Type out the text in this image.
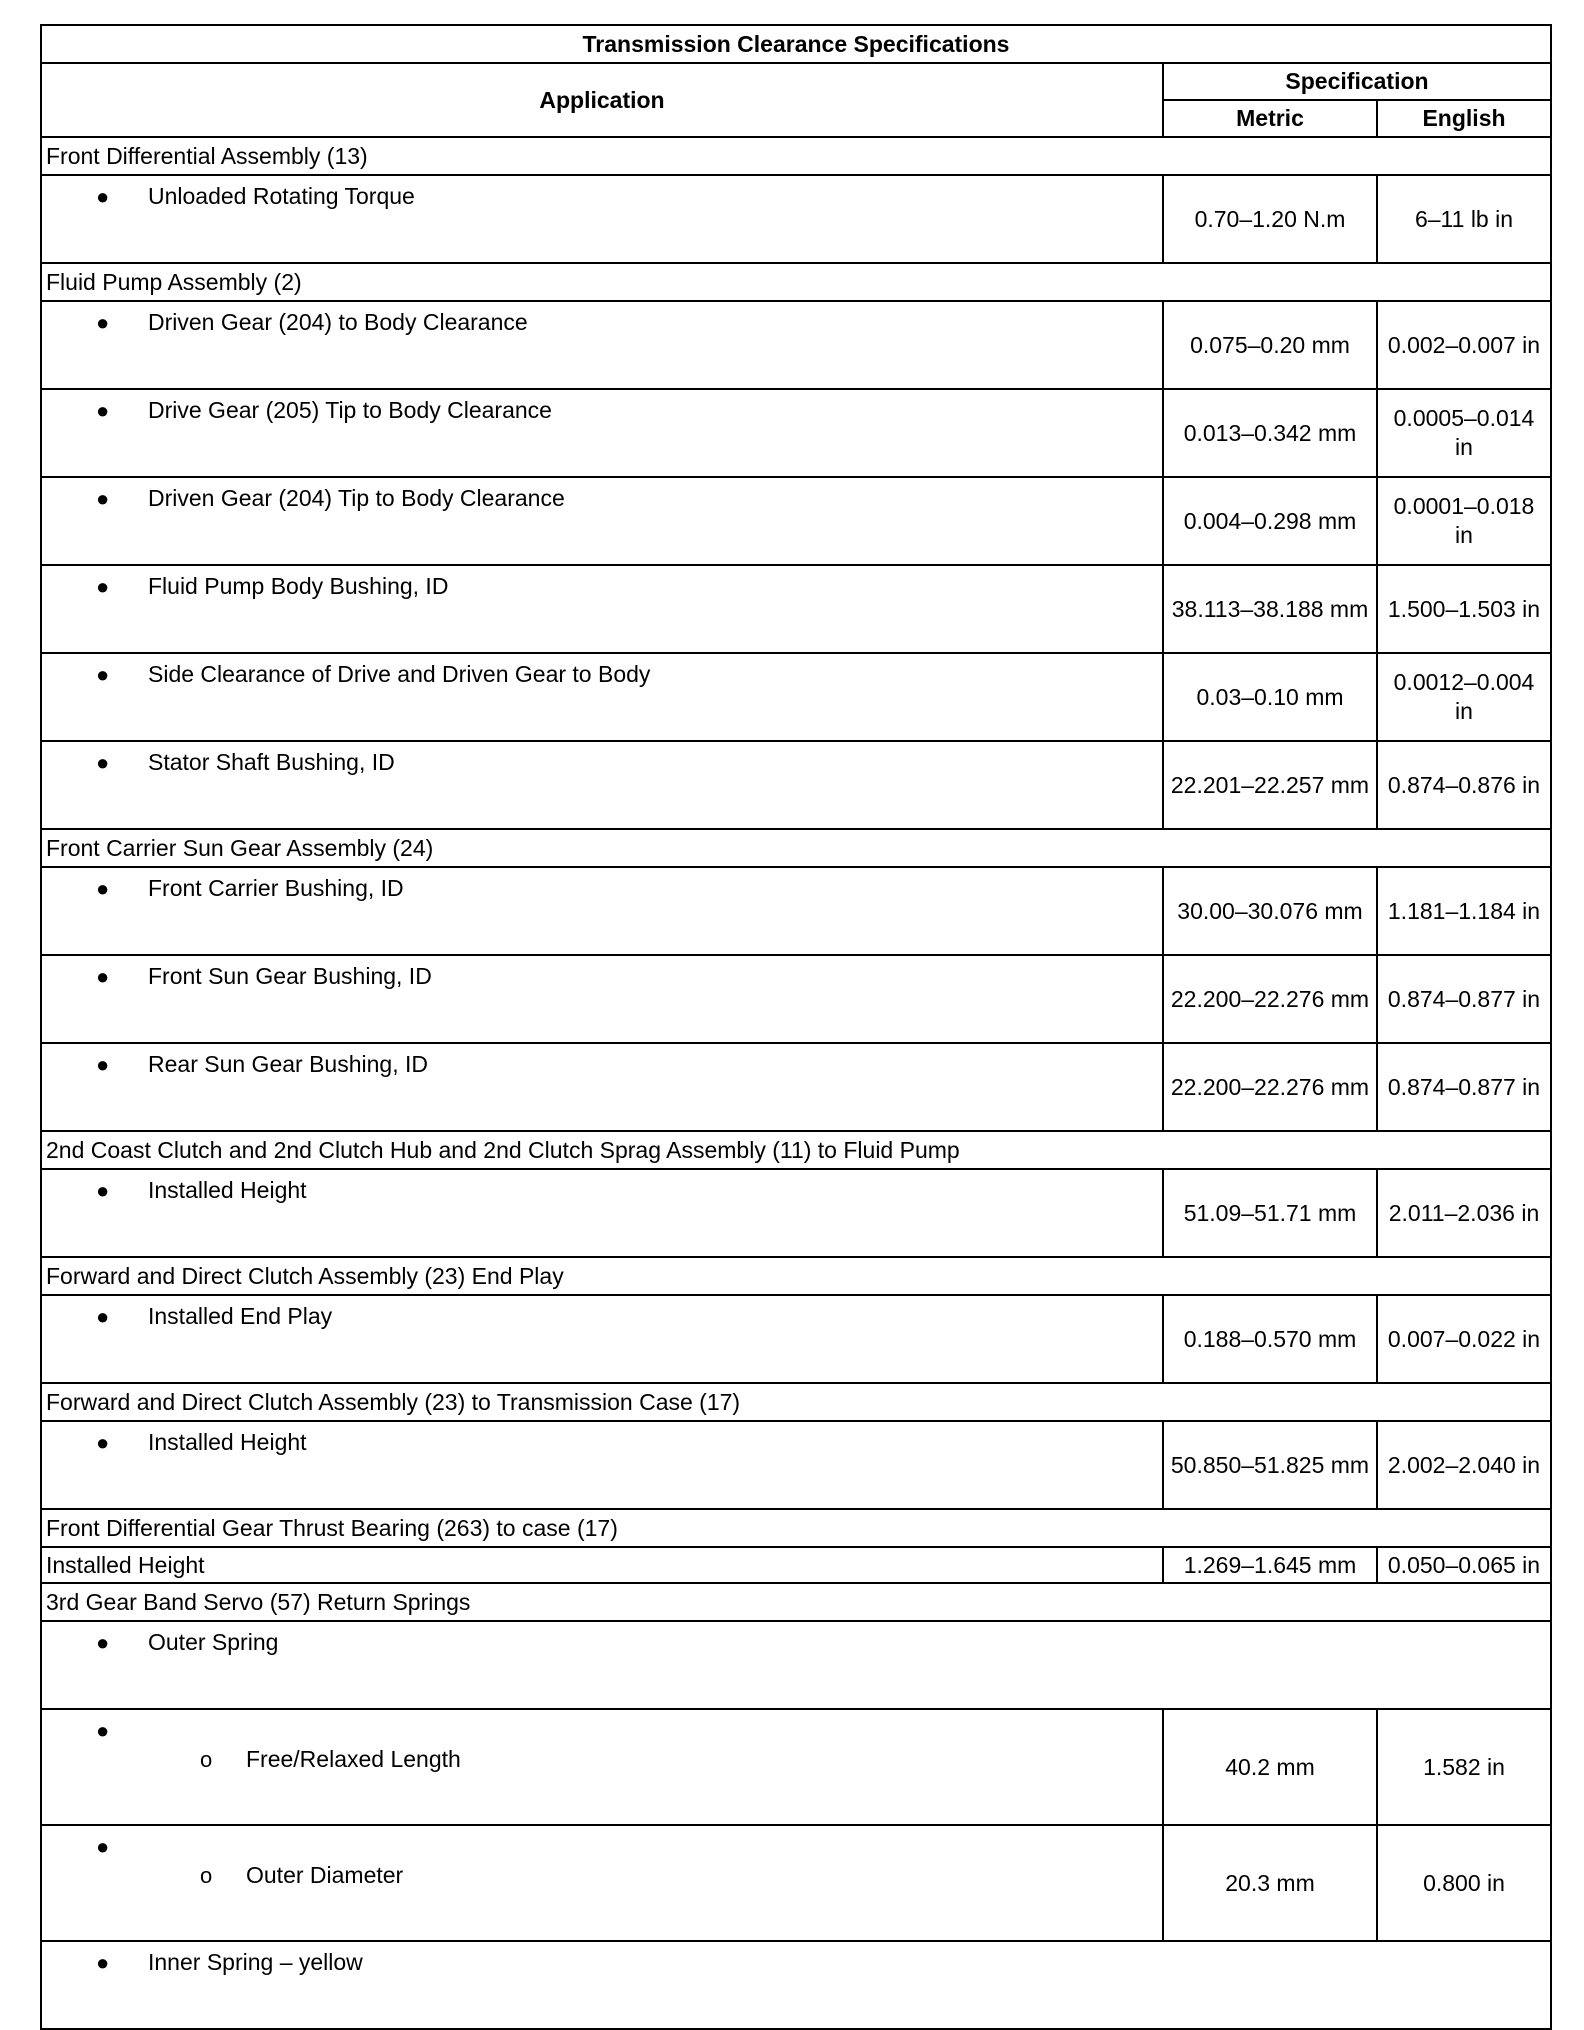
Transmission Clearance Specifications		
Application	Specification	
	Metric	English
Front Differential Assembly (13)		

● Unloaded Rotating Torque	0.70–1.20 N.m	6–11 lb in
Fluid Pump Assembly (2)		

● Driven Gear (204) to Body Clearance	0.075–0.20 mm	0.002–0.007 in

● Drive Gear (205) Tip to Body Clearance	0.013–0.342 mm	0.0005–0.014 in

● Driven Gear (204) Tip to Body Clearance	0.004–0.298 mm	0.0001–0.018 in

● Fluid Pump Body Bushing, ID	38.113–38.188 mm	1.500–1.503 in

● Side Clearance of Drive and Driven Gear to Body	0.03–0.10 mm	0.0012–0.004 in

● Stator Shaft Bushing, ID	22.201–22.257 mm	0.874–0.876 in
Front Carrier Sun Gear Assembly (24)		

● Front Carrier Bushing, ID	30.00–30.076 mm	1.181–1.184 in

● Front Sun Gear Bushing, ID	22.200–22.276 mm	0.874–0.877 in

● Rear Sun Gear Bushing, ID	22.200–22.276 mm	0.874–0.877 in
2nd Coast Clutch and 2nd Clutch Hub and 2nd Clutch Sprag Assembly (11) to Fluid Pump		

● Installed Height	51.09–51.71 mm	2.011–2.036 in
Forward and Direct Clutch Assembly (23) End Play		

● Installed End Play	0.188–0.570 mm	0.007–0.022 in
Forward and Direct Clutch Assembly (23) to Transmission Case (17)		

● Installed Height	50.850–51.825 mm	2.002–2.040 in
Front Differential Gear Thrust Bearing (263) to case (17)		
Installed Height	1.269–1.645 mm	0.050–0.065 in
3rd Gear Band Servo (57) Return Springs		

● Outer Spring		

●
o Free/Relaxed Length	40.2 mm	1.582 in

●
o Outer Diameter	20.3 mm	0.800 in

● Inner Spring – yellow		
